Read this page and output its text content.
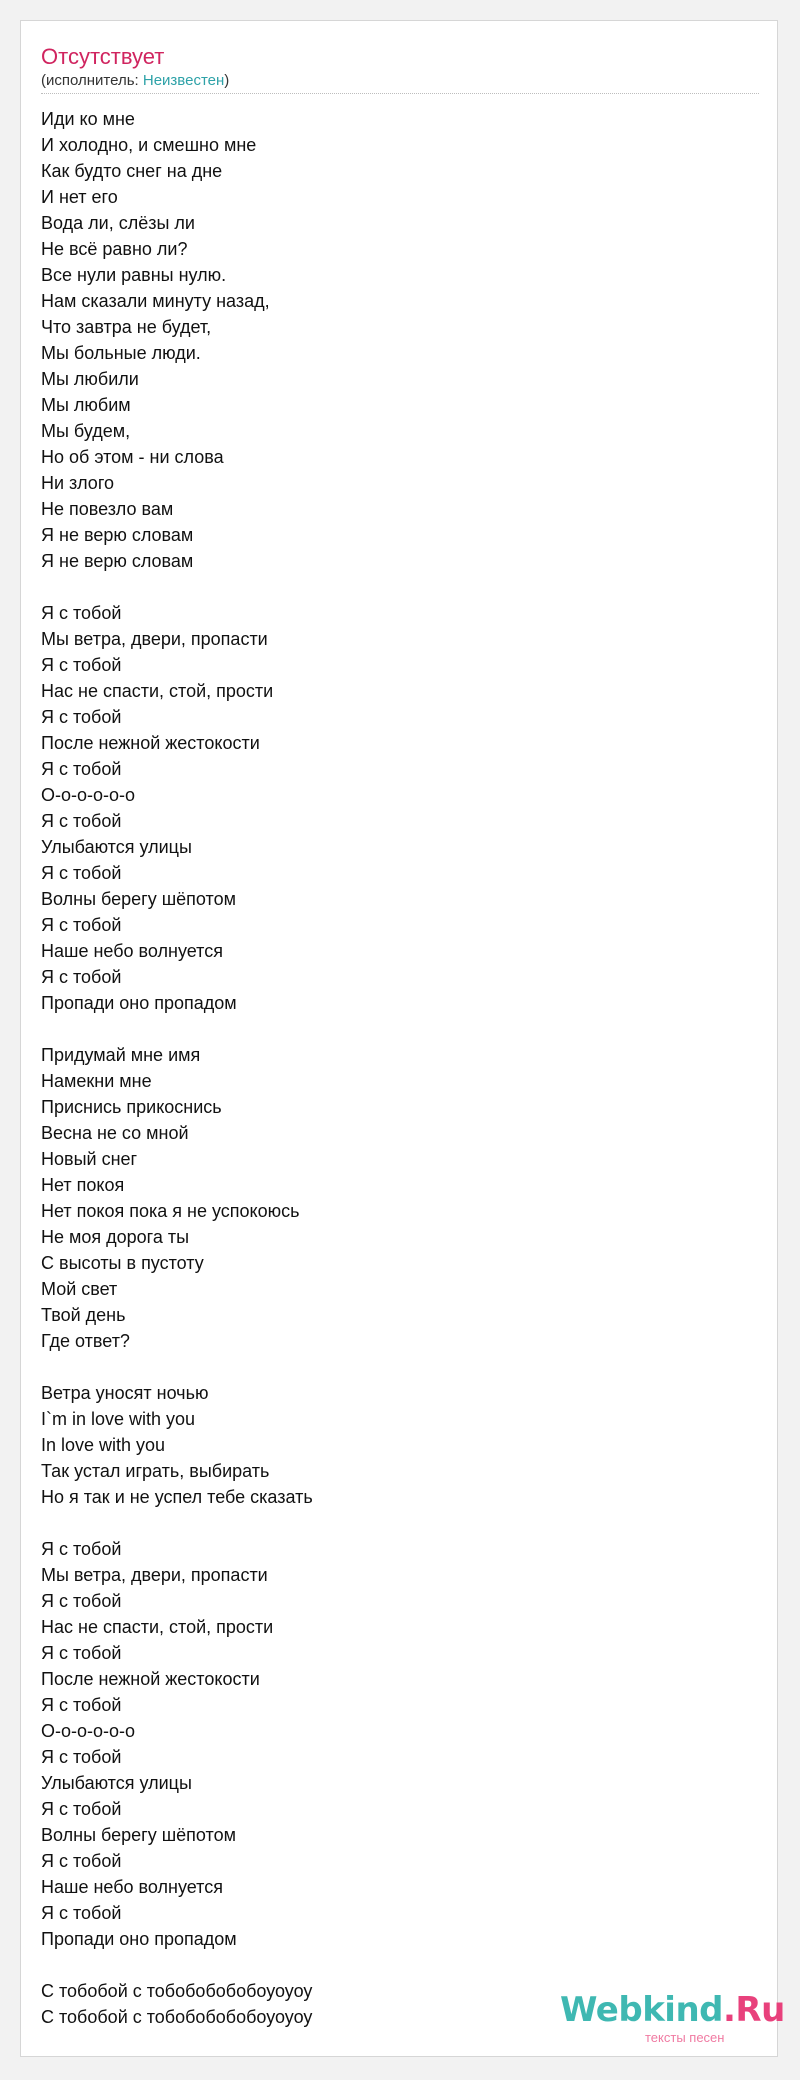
Отсутствует
(исполнитель: Неизвестен)
Иди ко мне
И холодно, и смешно мне
Как будто снег на дне
И нет его
Вода ли, слёзы ли
Не всё равно ли?
Все нули равны нулю.
Нам сказали минуту назад,
Что завтра не будет,
Мы больные люди.
Мы любили
Мы любим
Мы будем,
Но об этом - ни слова
Ни злого
Не повезло вам
Я не верю словам
Я не верю словам
Я с тобой
Мы ветра, двери, пропасти
Я с тобой
Нас не спасти, стой, прости
Я с тобой
После нежной жестокости
Я с тобой
О-о-о-о-о-о
Я с тобой
Улыбаются улицы
Я с тобой
Волны берегу шёпотом
Я с тобой
Наше небо волнуется
Я с тобой
Пропади оно пропадом
Придумай мне имя
Намекни мне
Приснись прикоснись
Весна не со мной
Новый снег
Нет покоя
Нет покоя пока я не успокоюсь
Не моя дорога ты
С высоты в пустоту
Мой свет
Твой день
Где ответ?
Ветра уносят ночью
I`m in love with you
In love with you
Так устал играть, выбирать
Но я так и не успел тебе сказать
Я с тобой
Мы ветра, двери, пропасти
Я с тобой
Нас не спасти, стой, прости
Я с тобой
После нежной жестокости
Я с тобой
О-о-о-о-о-о
Я с тобой
Улыбаются улицы
Я с тобой
Волны берегу шёпотом
Я с тобой
Наше небо волнуется
Я с тобой
Пропади оно пропадом
С тобобой с тобобобобобоуоуоу
С тобобой с тобобобобобоуоуоу	Webkind.Ru
тексты песен
